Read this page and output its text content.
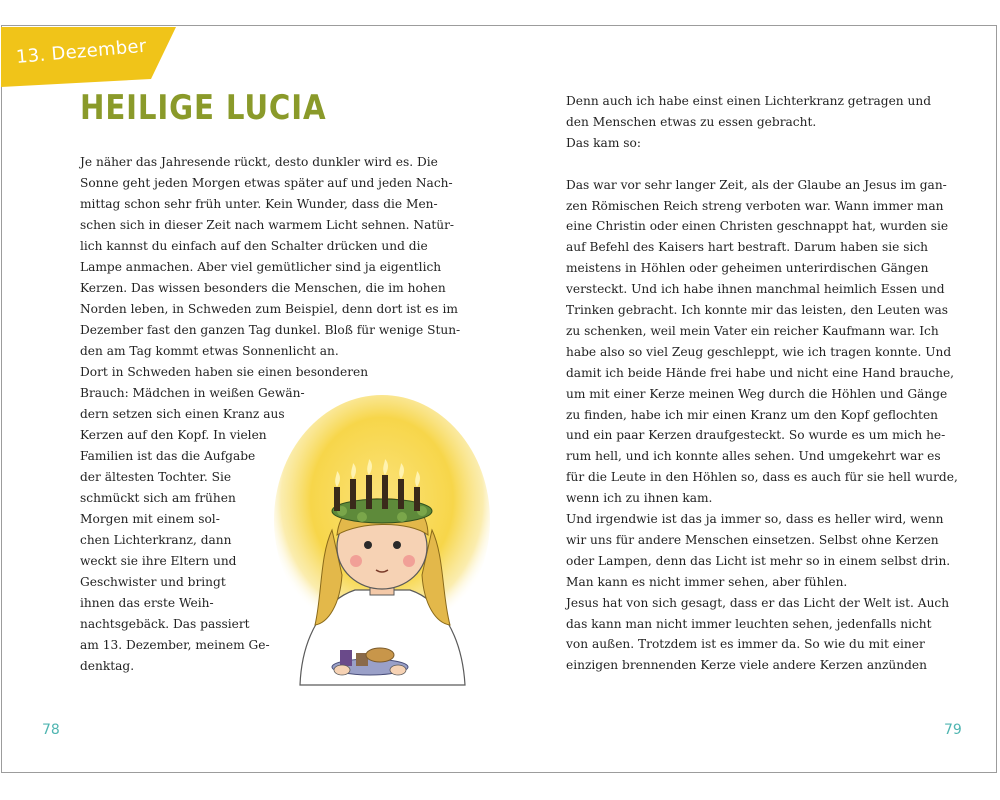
13. Dezember
HEILIGE LUCIA
Je näher das Jahresende rückt, desto dunkler wird es. Die
Sonne geht jeden Morgen etwas später auf und jeden Nach-
mittag schon sehr früh unter. Kein Wunder, dass die Men-
schen sich in dieser Zeit nach warmem Licht sehnen. Natür-
lich kannst du einfach auf den Schalter drücken und die
Lampe anmachen. Aber viel gemütlicher sind ja eigentlich
Kerzen. Das wissen besonders die Menschen, die im hohen
Norden leben, in Schweden zum Beispiel, denn dort ist es im
Dezember fast den ganzen Tag dunkel. Bloß für wenige Stun-
den am Tag kommt etwas Sonnenlicht an.
Dort in Schweden haben sie einen besonderen
Brauch: Mädchen in weißen Gewän-
dern setzen sich einen Kranz aus
Kerzen auf den Kopf. In vielen
Familien ist das die Aufgabe
der ältesten Tochter. Sie
schmückt sich am frühen
Morgen mit einem sol-
chen Lichterkranz, dann
weckt sie ihre Eltern und
Geschwister und bringt
ihnen das erste Weih-
nachtsgebäck. Das passiert
am 13. Dezember, meinem Ge-
denktag.
Denn auch ich habe einst einen Lichterkranz getragen und
den Menschen etwas zu essen gebracht.
Das kam so:
Das war vor sehr langer Zeit, als der Glaube an Jesus im gan-
zen Römischen Reich streng verboten war. Wann immer man
eine Christin oder einen Christen geschnappt hat, wurden sie
auf Befehl des Kaisers hart bestraft. Darum haben sie sich
meistens in Höhlen oder geheimen unterirdischen Gängen
versteckt. Und ich habe ihnen manchmal heimlich Essen und
Trinken gebracht. Ich konnte mir das leisten, den Leuten was
zu schenken, weil mein Vater ein reicher Kaufmann war. Ich
habe also so viel Zeug geschleppt, wie ich tragen konnte. Und
damit ich beide Hände frei habe und nicht eine Hand brauche,
um mit einer Kerze meinen Weg durch die Höhlen und Gänge
zu finden, habe ich mir einen Kranz um den Kopf geflochten
und ein paar Kerzen draufgesteckt. So wurde es um mich he-
rum hell, und ich konnte alles sehen. Und umgekehrt war es
für die Leute in den Höhlen so, dass es auch für sie hell wurde,
wenn ich zu ihnen kam.
Und irgendwie ist das ja immer so, dass es heller wird, wenn
wir uns für andere Menschen einsetzen. Selbst ohne Kerzen
oder Lampen, denn das Licht ist mehr so in einem selbst drin.
Man kann es nicht immer sehen, aber fühlen.
Jesus hat von sich gesagt, dass er das Licht der Welt ist. Auch
das kann man nicht immer leuchten sehen, jedenfalls nicht
von außen. Trotzdem ist es immer da. So wie du mit einer
einzigen brennenden Kerze viele andere Kerzen anzünden
78	79
